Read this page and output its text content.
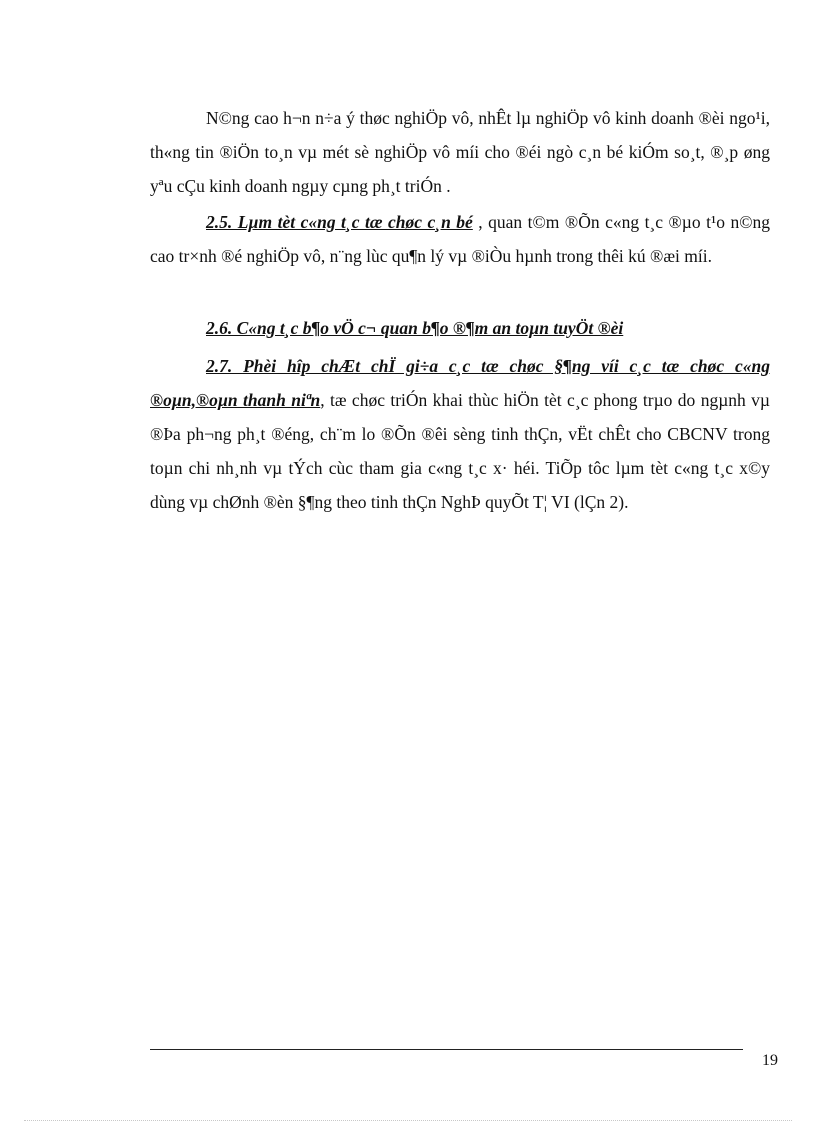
N©ng cao h¬n n÷a ý thøc nghiÖp vô, nhÊt lµ nghiÖp vô kinh doanh ®èi ngo¹i, th«ng tin ®iÖn to¸n vµ mét sè nghiÖp vô míi cho ®éi ngò c¸n bé kiÓm so¸t, ®¸p øng yªu cÇu kinh doanh ngµy cµng ph¸t triÓn .

2.5. Lµm tèt c«ng t¸c tæ chøc c¸n bé , quan t©m ®Õn c«ng t¸c ®µo t¹o n©ng cao tr×nh ®é nghiÖp vô, n¨ng lùc qu¶n lý vµ ®iÒu hµnh trong thêi kú ®æi míi.

2.6. C«ng t¸c b¶o vÖ c¬ quan b¶o ®¶m an toµn tuyÖt ®èi

2.7. Phèi hîp chÆt chÏ gi÷a c¸c tæ chøc §¶ng víi c¸c tæ chøc c«ng ®oµn,®oµn thanh niªn, tæ chøc triÓn khai thùc hiÖn tèt c¸c phong trµo do ngµnh vµ ®Þa ph¬ng ph¸t ®éng, ch¨m lo ®Õn ®êi sèng tinh thÇn, vËt chÊt cho CBCNV trong toµn chi nh¸nh vµ tÝch cùc tham gia c«ng t¸c x· héi. TiÕp tôc lµm tèt c«ng t¸c x©y dùng vµ chØnh ®èn §¶ng theo tinh thÇn NghÞ quyÕt T¦ VI (lÇn 2).

19
